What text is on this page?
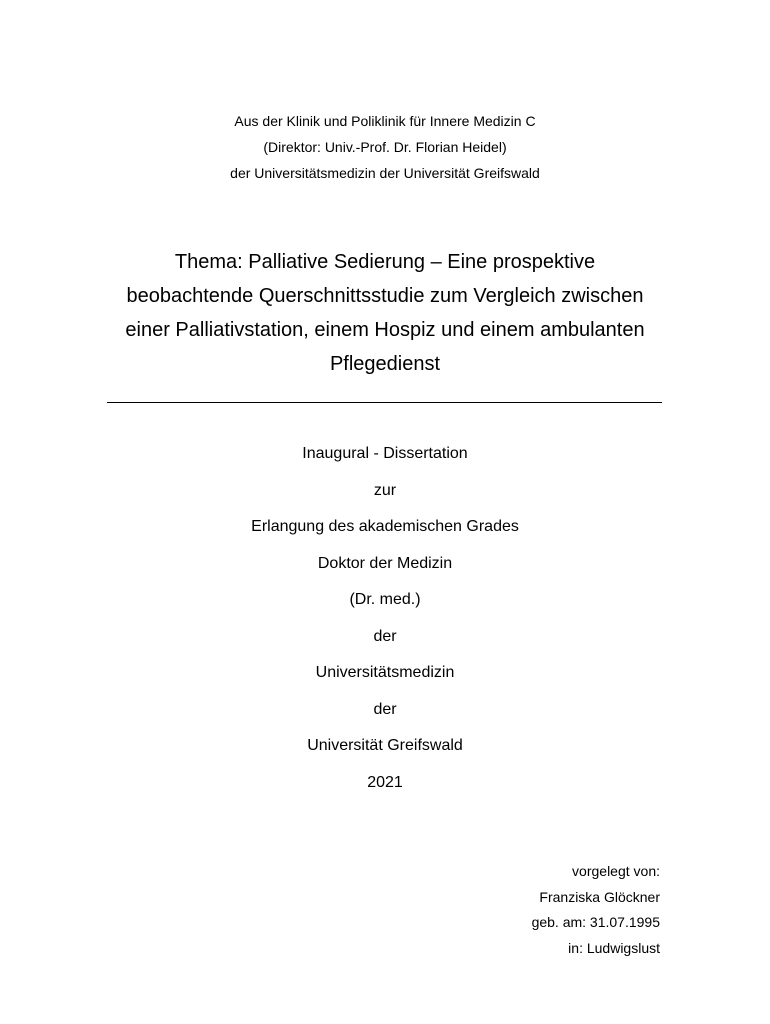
Aus der Klinik und Poliklinik für Innere Medizin C
(Direktor: Univ.-Prof. Dr. Florian Heidel)
der Universitätsmedizin der Universität Greifswald
Thema: Palliative Sedierung – Eine prospektive
beobachtende Querschnittsstudie zum Vergleich zwischen
einer Palliativstation, einem Hospiz und einem ambulanten
Pflegedienst
Inaugural - Dissertation
zur
Erlangung des akademischen Grades
Doktor der Medizin
(Dr. med.)
der
Universitätsmedizin
der
Universität Greifswald
2021
vorgelegt von:
Franziska Glöckner
geb. am: 31.07.1995
in: Ludwigslust
